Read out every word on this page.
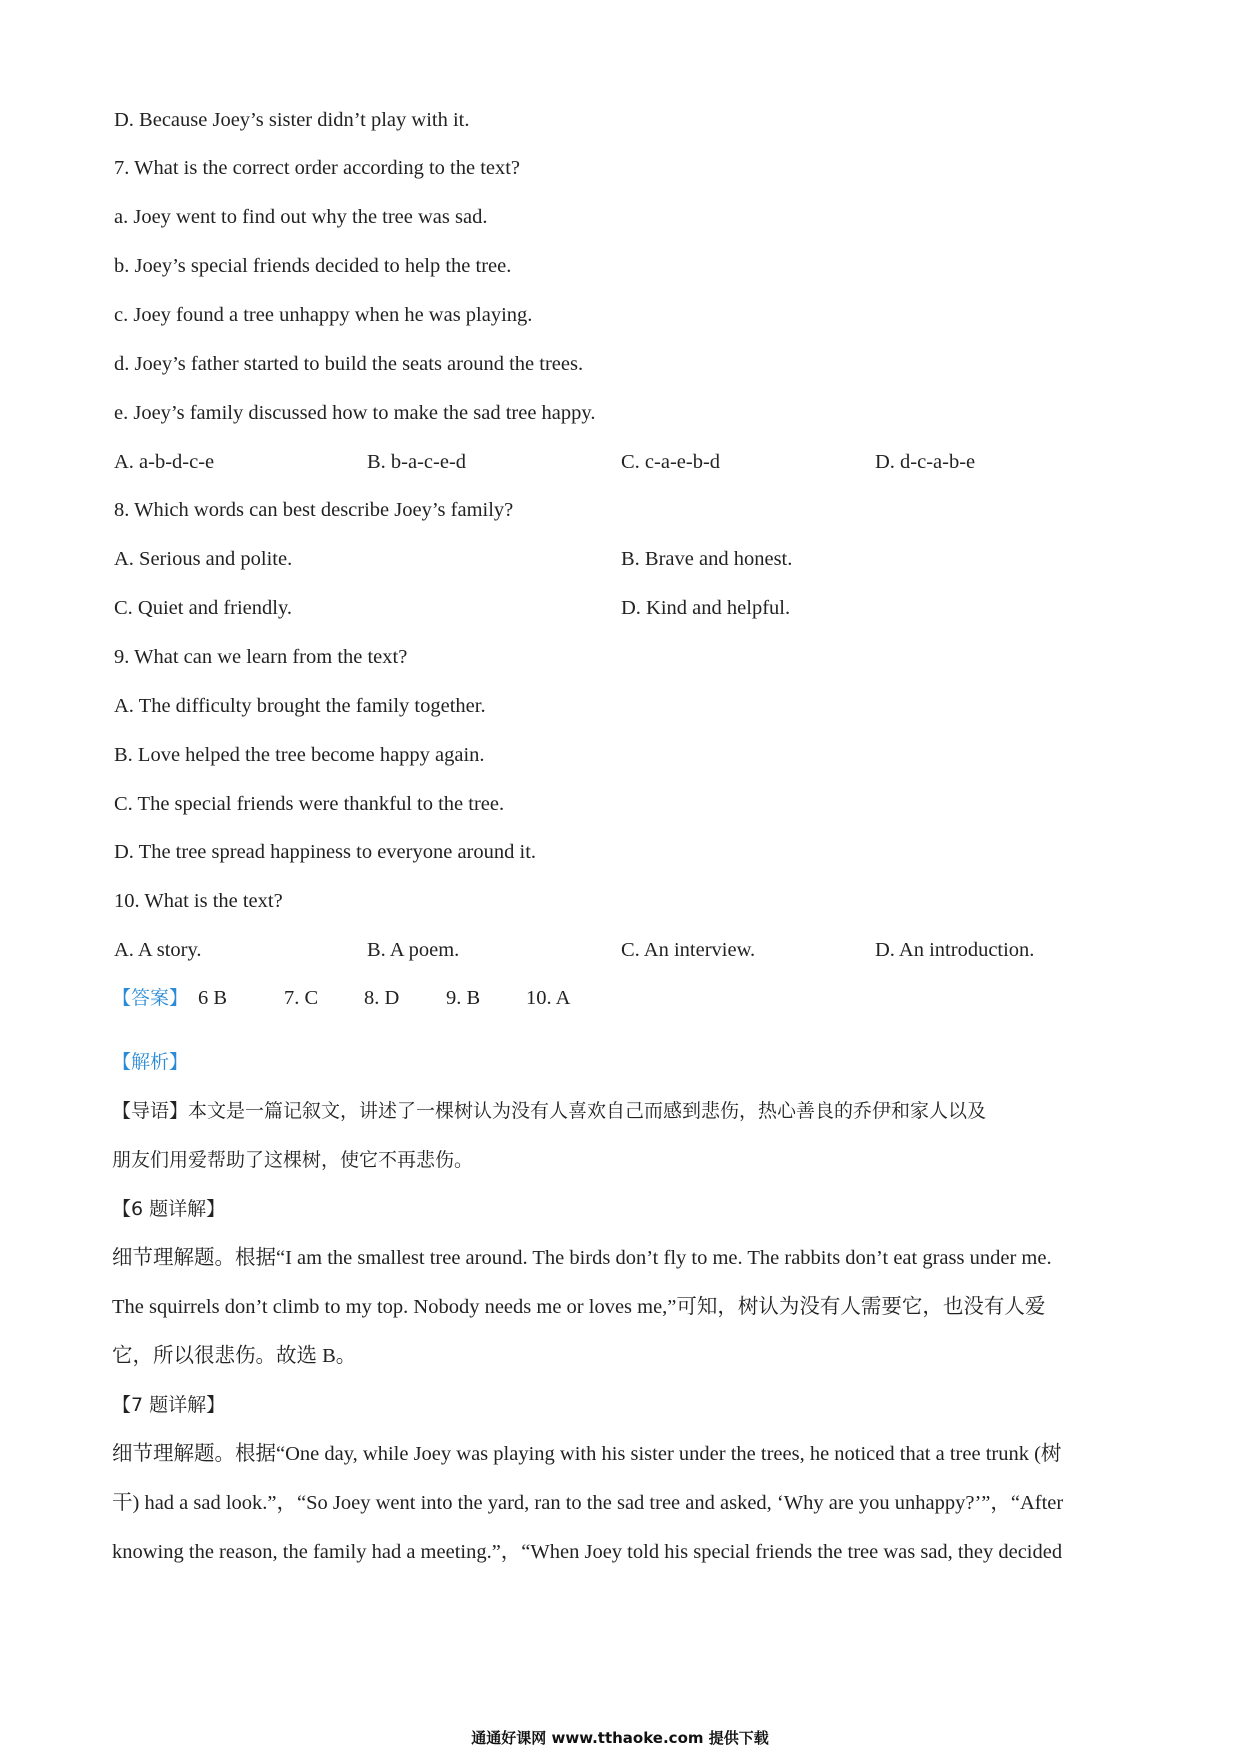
D. Because Joey’s sister didn’t play with it.
7. What is the correct order according to the text?
a. Joey went to find out why the tree was sad.
b. Joey’s special friends decided to help the tree.
c. Joey found a tree unhappy when he was playing.
d. Joey’s father started to build the seats around the trees.
e. Joey’s family discussed how to make the sad tree happy.
A. a-b-d-c-e	B. b-a-c-e-d	C. c-a-e-b-d	D. d-c-a-b-e
8. Which words can best describe Joey’s family?
A. Serious and polite.	B. Brave and honest.
C. Quiet and friendly.	D. Kind and helpful.
9. What can we learn from the text?
A. The difficulty brought the family together.
B. Love helped the tree become happy again.
C. The special friends were thankful to the tree.
D. The tree spread happiness to everyone around it.
10. What is the text?
A. A story.	B. A poem.	C. An interview.	D. An introduction.
【答案】 6 B	7. C 8. D 9. B 10. A
【解析】
【导语】本文是一篇记叙文，讲述了一棵树认为没有人喜欢自己而感到悲伤，热心善良的乔伊和家人以及
朋友们用爱帮助了这棵树，使它不再悲伤。
【6 题详解】
细节理解题。根据“I am the smallest tree around. The birds don’t fly to me. The rabbits don’t eat grass under me.
The squirrels don’t climb to my top. Nobody needs me or loves me,”可知，树认为没有人需要它，也没有人爱
它，所以很悲伤。故选 B。
【7 题详解】
细节理解题。根据“One day, while Joey was playing with his sister under the trees, he noticed that a tree trunk (树
干) had a sad look.”，“So Joey went into the yard, ran to the sad tree and asked, ‘Why are you unhappy?’”，“After
knowing the reason, the family had a meeting.”，“When Joey told his special friends the tree was sad, they decided
通通好课网 www.tthaoke.com 提供下载
